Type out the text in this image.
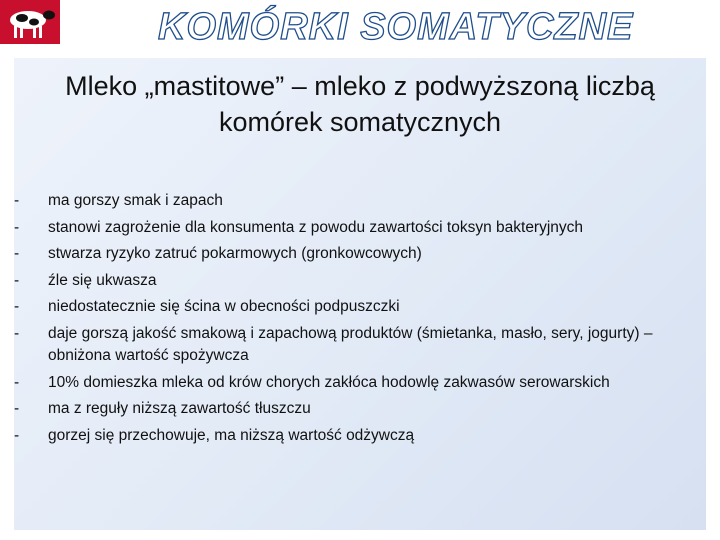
KOMÓRKI SOMATYCZNE
Mleko „mastitowe” – mleko z podwyższoną liczbą komórek somatycznych
- ma gorszy smak i zapach
- stanowi zagrożenie dla konsumenta z powodu zawartości toksyn bakteryjnych
- stwarza ryzyko zatruć pokarmowych (gronkowcowych)
- źle się ukwasza
- niedostatecznie się ścina w obecności podpuszczki
- daje gorszą jakość smakową i zapachową produktów (śmietanka, masło, sery, jogurty) – obniżona wartość spożywcza
- 10% domieszka mleka od krów chorych zakłóca hodowlę zakwasów serowarskich
- ma z reguły niższą zawartość tłuszczu
- gorzej się przechowuje, ma niższą wartość odżywczą
